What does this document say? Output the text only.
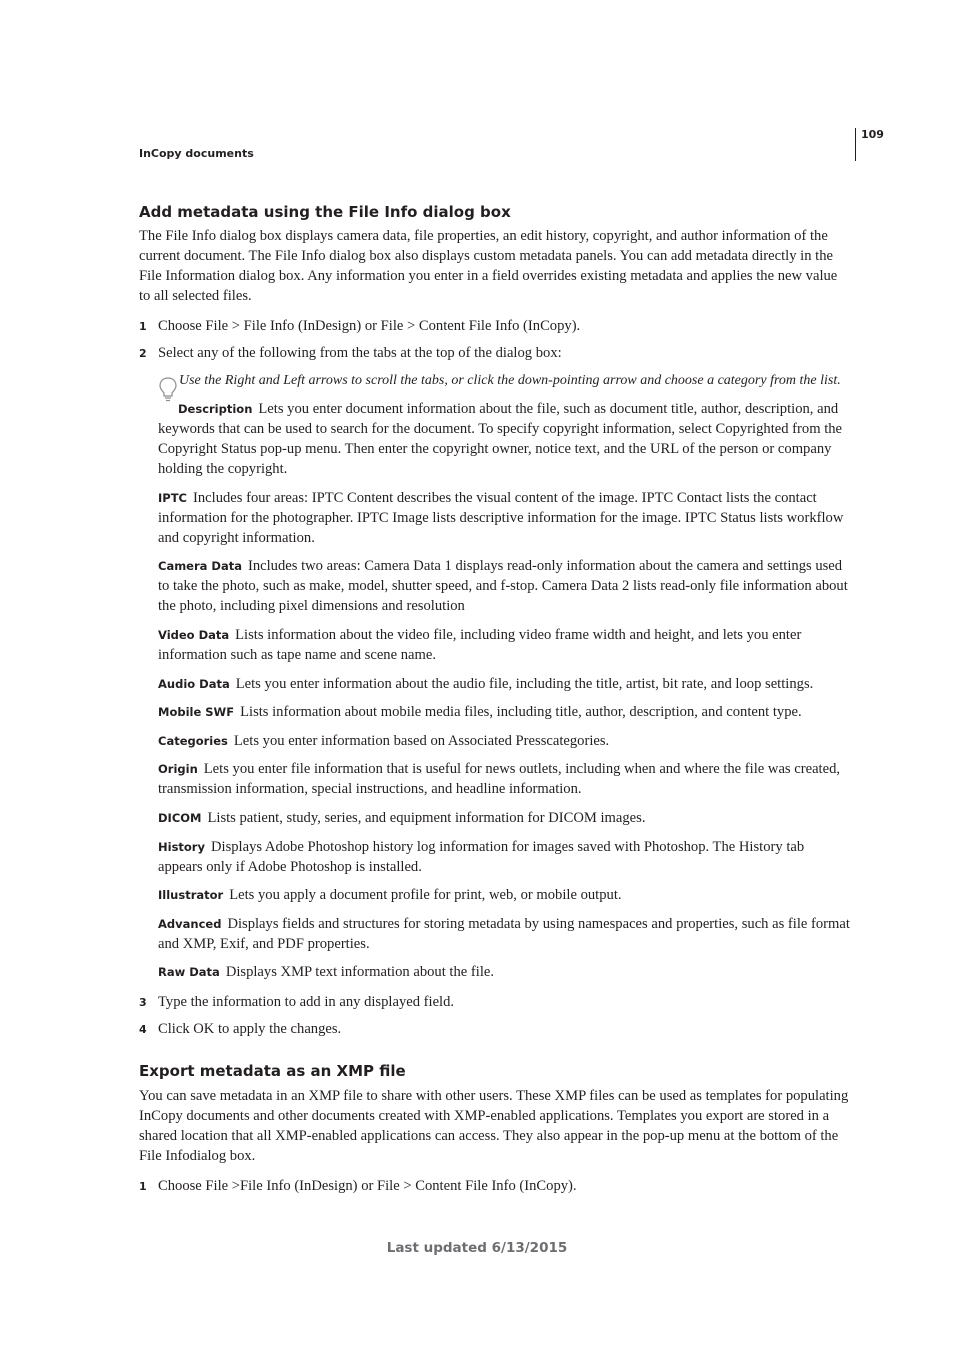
109
InCopy documents
Add metadata using the File Info dialog box

The File Info dialog box displays camera data, file properties, an edit history, copyright, and author information of the current document. The File Info dialog box also displays custom metadata panels. You can add metadata directly in the File Information dialog box. Any information you enter in a field overrides existing metadata and applies the new value to all selected files.

1 Choose File > File Info (InDesign) or File > Content File Info (InCopy).
2 Select any of the following from the tabs at the top of the dialog box:
Use the Right and Left arrows to scroll the tabs, or click the down-pointing arrow and choose a category from the list.

Description Lets you enter document information about the file, such as document title, author, description, and keywords that can be used to search for the document. To specify copyright information, select Copyrighted from the Copyright Status pop-up menu. Then enter the copyright owner, notice text, and the URL of the person or company holding the copyright.

IPTC Includes four areas: IPTC Content describes the visual content of the image. IPTC Contact lists the contact information for the photographer. IPTC Image lists descriptive information for the image. IPTC Status lists workflow and copyright information.

Camera Data Includes two areas: Camera Data 1 displays read-only information about the camera and settings used to take the photo, such as make, model, shutter speed, and f-stop. Camera Data 2 lists read-only file information about the photo, including pixel dimensions and resolution

Video Data Lists information about the video file, including video frame width and height, and lets you enter information such as tape name and scene name.

Audio Data Lets you enter information about the audio file, including the title, artist, bit rate, and loop settings.

Mobile SWF Lists information about mobile media files, including title, author, description, and content type.

Categories Lets you enter information based on Associated Presscategories.

Origin Lets you enter file information that is useful for news outlets, including when and where the file was created, transmission information, special instructions, and headline information.

DICOM Lists patient, study, series, and equipment information for DICOM images.

History Displays Adobe Photoshop history log information for images saved with Photoshop. The History tab appears only if Adobe Photoshop is installed.

Illustrator Lets you apply a document profile for print, web, or mobile output.

Advanced Displays fields and structures for storing metadata by using namespaces and properties, such as file format and XMP, Exif, and PDF properties.

Raw Data Displays XMP text information about the file.

3 Type the information to add in any displayed field.
4 Click OK to apply the changes.
Export metadata as an XMP file

You can save metadata in an XMP file to share with other users. These XMP files can be used as templates for populating InCopy documents and other documents created with XMP-enabled applications. Templates you export are stored in a shared location that all XMP-enabled applications can access. They also appear in the pop-up menu at the bottom of the File Infodialog box.

1 Choose File >File Info (InDesign) or File > Content File Info (InCopy).
Last updated 6/13/2015
